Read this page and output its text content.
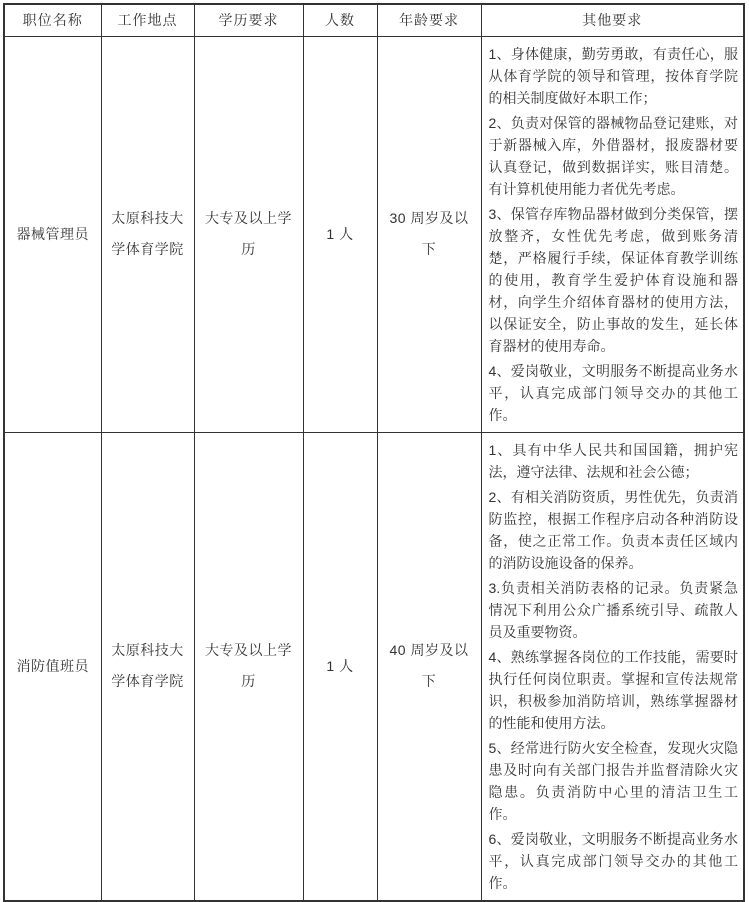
职位名称	工作地点	学历要求	人数	年龄要求	其他要求
器械管理员	太原科技大学体育学院	大专及以上学历	1 人	30 周岁及以下	1、身体健康，勤劳勇敢，有责任心，服从体育学院的领导和管理，按体育学院的相关制度做好本职工作；

2、负责对保管的器械物品登记建账，对于新器械入库，外借器材，报废器材要认真登记，做到数据详实，账目清楚。有计算机使用能力者优先考虑。

3、保管存库物品器材做到分类保管，摆放整齐，女性优先考虑，做到账务清楚，严格履行手续，保证体育教学训练的使用，教育学生爱护体育设施和器材，向学生介绍体育器材的使用方法，以保证安全，防止事故的发生，延长体育器材的使用寿命。

4、爱岗敬业，文明服务不断提高业务水平，认真完成部门领导交办的其他工作。

消防值班员	太原科技大学体育学院	大专及以上学历	1 人	40 周岁及以下	

1、具有中华人民共和国国籍，拥护宪法，遵守法律、法规和社会公德；

2、有相关消防资质，男性优先，负责消防监控，根据工作程序启动各种消防设备，使之正常工作。负责本责任区域内的消防设施设备的保养。

3.负责相关消防表格的记录。负责紧急情况下利用公众广播系统引导、疏散人员及重要物资。

4、熟练掌握各岗位的工作技能，需要时执行任何岗位职责。掌握和宣传法规常识，积极参加消防培训，熟练掌握器材的性能和使用方法。

5、经常进行防火安全检查，发现火灾隐患及时向有关部门报告并监督清除火灾隐患。负责消防中心里的清洁卫生工作。

6、爱岗敬业，文明服务不断提高业务水平，认真完成部门领导交办的其他工作。
